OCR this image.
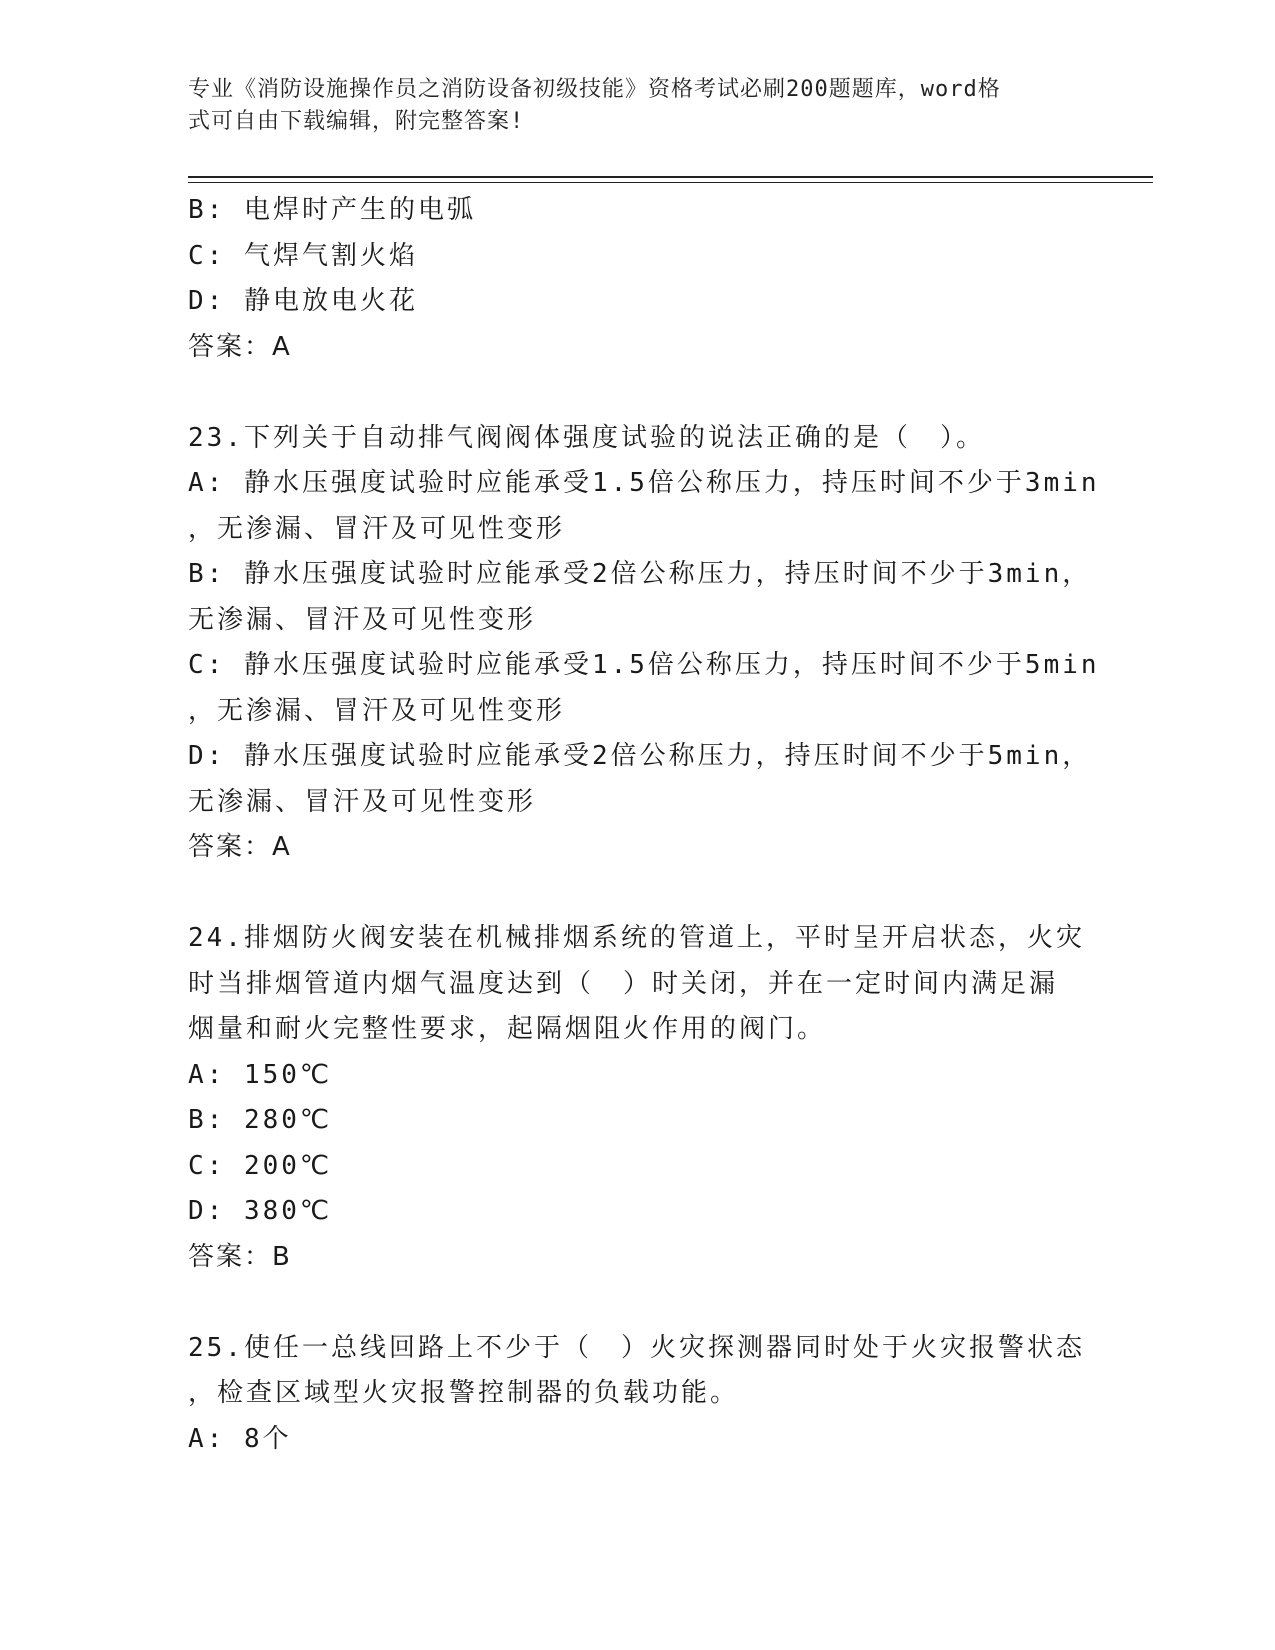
专业《消防设施操作员之消防设备初级技能》资格考试必刷200题题库，word格
式可自由下载编辑，附完整答案!
B: 电焊时产生的电弧
C: 气焊气割火焰
D: 静电放电火花
答案：A
23.下列关于自动排气阀阀体强度试验的说法正确的是（　）。
A: 静水压强度试验时应能承受1.5倍公称压力，持压时间不少于3min
，无渗漏、冒汗及可见性变形
B: 静水压强度试验时应能承受2倍公称压力，持压时间不少于3min，
无渗漏、冒汗及可见性变形
C: 静水压强度试验时应能承受1.5倍公称压力，持压时间不少于5min
，无渗漏、冒汗及可见性变形
D: 静水压强度试验时应能承受2倍公称压力，持压时间不少于5min，
无渗漏、冒汗及可见性变形
答案：A
24.排烟防火阀安装在机械排烟系统的管道上，平时呈开启状态，火灾
时当排烟管道内烟气温度达到（　）时关闭，并在一定时间内满足漏
烟量和耐火完整性要求，起隔烟阻火作用的阀门。
A: 150℃
B: 280℃
C: 200℃
D: 380℃
答案：B
25.使任一总线回路上不少于（　）火灾探测器同时处于火灾报警状态
，检查区域型火灾报警控制器的负载功能。
A: 8个
